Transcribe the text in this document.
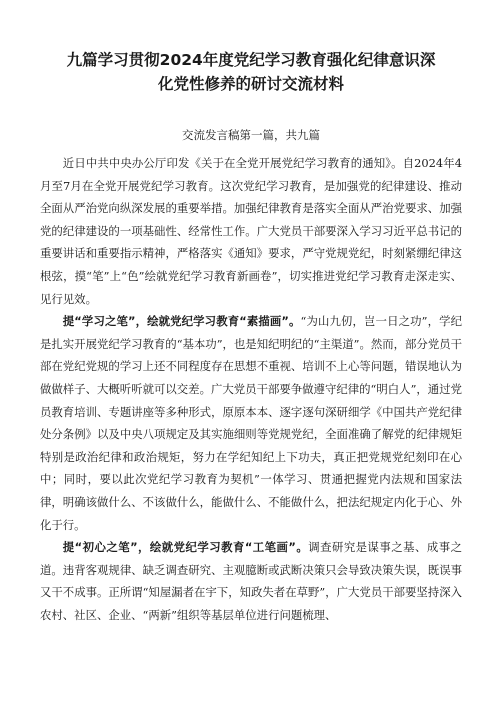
九篇学习贯彻2024年度党纪学习教育强化纪律意识深
化党性修养的研讨交流材料
交流发言稿第一篇，共九篇

近日中共中央办公厅印发《关于在全党开展党纪学习教育的通知》。自2024年4月至7月在全党开展党纪学习教育。这次党纪学习教育，是加强党的纪律建设、推动全面从严治党向纵深发展的重要举措。加强纪律教育是落实全面从严治党要求、加强党的纪律建设的一项基础性、经常性工作。广大党员干部要深入学习习近平总书记的重要讲话和重要指示精神，严格落实《通知》要求，严守党规党纪，时刻紧绷纪律这根弦，摸“笔”上“色”绘就党纪学习教育新画卷”，切实推进党纪学习教育走深走实、见行见效。

提“学习之笔”，绘就党纪学习教育“素描画”。“为山九仞，岂一日之功”，学纪是扎实开展党纪学习教育的“基本功”，也是知纪明纪的“主渠道”。然而，部分党员干部在党纪党规的学习上还不同程度存在思想不重视、培训不上心等问题，错误地认为做做样子、大概听听就可以交差。广大党员干部要争做遵守纪律的“明白人”，通过党员教育培训、专题讲座等多种形式，原原本本、逐字逐句深研细学《中国共产党纪律处分条例》以及中央八项规定及其实施细则等党规党纪，全面准确了解党的纪律规矩特别是政治纪律和政治规矩，努力在学纪知纪上下功夫，真正把党规党纪刻印在心中；同时，要以此次党纪学习教育为契机”一体学习、贯通把握党内法规和国家法律，明确该做什么、不该做什么，能做什么、不能做什么，把法纪规定内化于心、外化于行。

提“初心之笔”，绘就党纪学习教育“工笔画”。调查研究是谋事之基、成事之道。违背客观规律、缺乏调查研究、主观臆断或武断决策只会导致决策失误，既误事又干不成事。正所谓“知屋漏者在宇下，知政失者在草野”，广大党员干部要坚持深入农村、社区、企业、“两新”组织等基层单位进行问题梳理、
